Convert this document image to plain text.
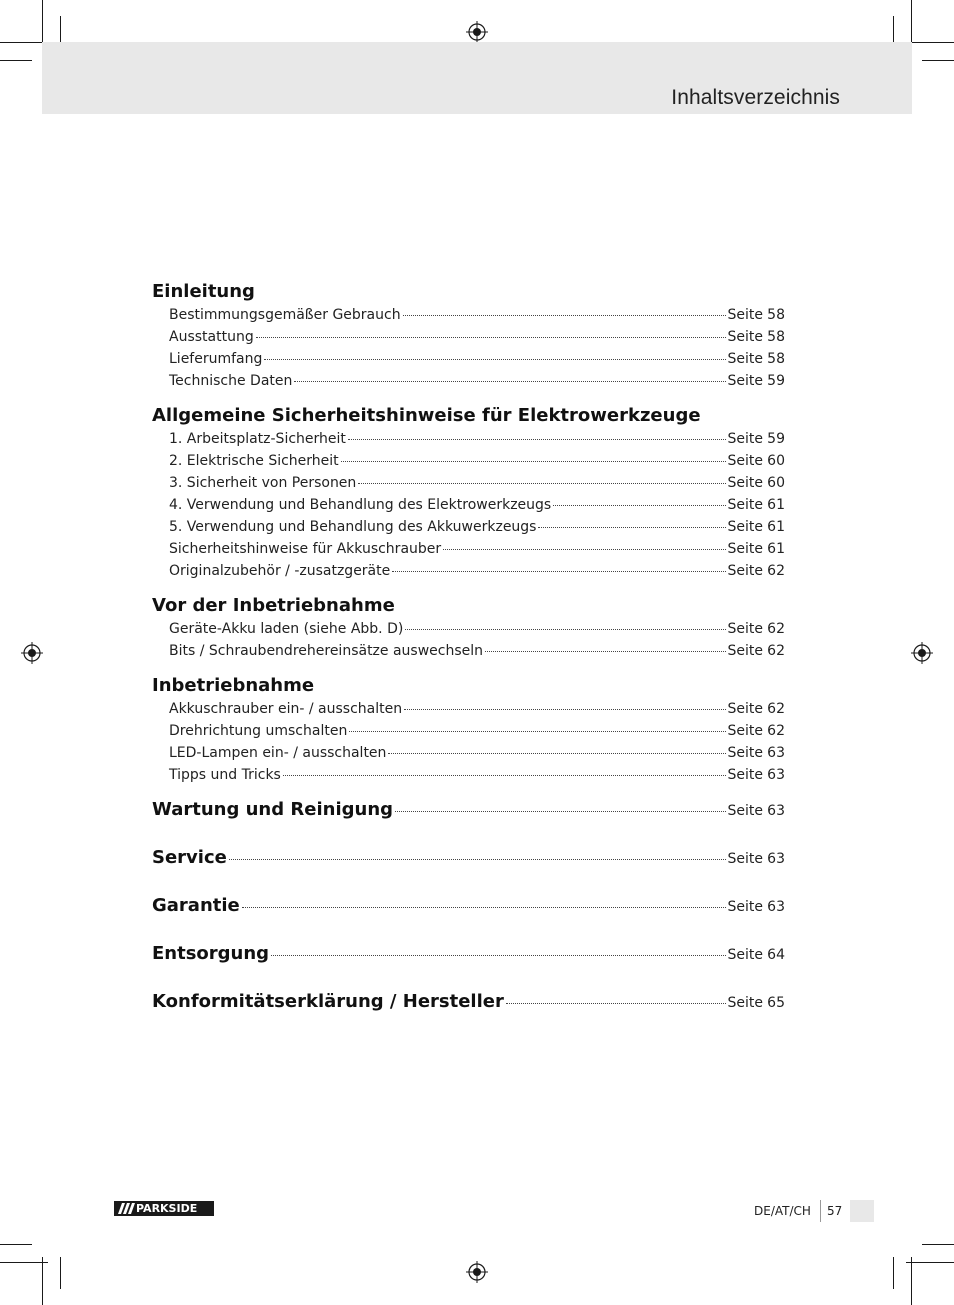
Inhaltsverzeichnis
Einleitung
Bestimmungsgemäßer Gebrauch	Seite 58
Ausstattung	Seite 58
Lieferumfang	Seite 58
Technische Daten	Seite 59
Allgemeine Sicherheitshinweise für Elektrowerkzeuge
1. Arbeitsplatz-Sicherheit	Seite 59
2. Elektrische Sicherheit	Seite 60
3. Sicherheit von Personen	Seite 60
4. Verwendung und Behandlung des Elektrowerkzeugs	Seite 61
5. Verwendung und Behandlung des Akkuwerkzeugs	Seite 61
Sicherheitshinweise für Akkuschrauber	Seite 61
Originalzubehör / -zusatzgeräte	Seite 62
Vor der Inbetriebnahme
Geräte-Akku laden (siehe Abb. D)	Seite 62
Bits / Schraubendrehereinsätze auswechseln	Seite 62
Inbetriebnahme
Akkuschrauber ein- / ausschalten	Seite 62
Drehrichtung umschalten	Seite 62
LED-Lampen ein- / ausschalten	Seite 63
Tipps und Tricks	Seite 63
Wartung und Reinigung	Seite 63
Service	Seite 63
Garantie	Seite 63
Entsorgung	Seite 64
Konformitätserklärung / Hersteller	Seite 65
PARKSIDE	DE/AT/CH 57
